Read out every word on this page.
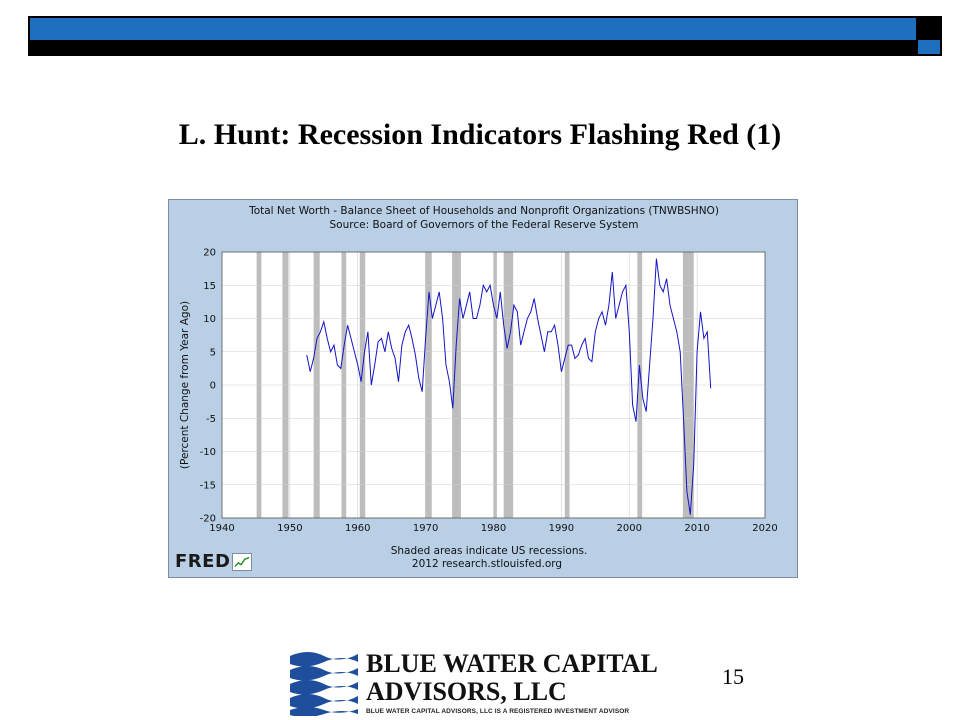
L. Hunt: Recession Indicators Flashing Red (1)
20
15
10
5
0
-5
-10
-15
-20
1940	1950	1960	1970	1980	1990	2000	2010	2020
Total Net Worth - Balance Sheet of Households and Nonprofit Organizations (TNWBSHNO)
Source: Board of Governors of the Federal Reserve System
(Percent Change from Year Ago)
Shaded areas indicate US recessions.
2012 research.stlouisfed.org
FRED
BLUE WATER CAPITAL
ADVISORS, LLC
BLUE WATER CAPITAL ADVISORS, LLC IS A REGISTERED INVESTMENT ADVISOR
15
